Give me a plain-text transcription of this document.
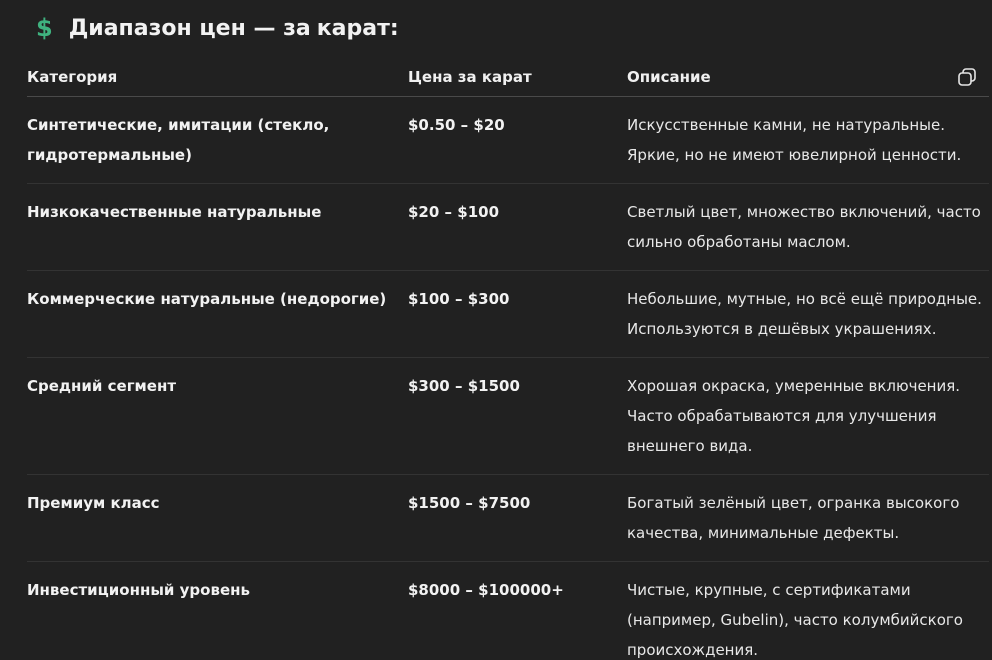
$ Диапазон цен — за карат:
Категория	Цена за карат	Описание
Синтетические, имитации (стекло,
гидротермальные)
$0.50 – $20	Искусственные камни, не натуральные.
Яркие, но не имеют ювелирной ценности.
Низкокачественные натуральные	$20 – $100	Светлый цвет, множество включений, часто
сильно обработаны маслом.
Коммерческие натуральные (недорогие) $100 – $300	Небольшие, мутные, но всё ещё природные.
Используются в дешёвых украшениях.
Средний сегмент	$300 – $1500	Хорошая окраска, умеренные включения.
Часто обрабатываются для улучшения
внешнего вида.
Премиум класс	$1500 – $7500	Богатый зелёный цвет, огранка высокого
качества, минимальные дефекты.
Инвестиционный уровень	$8000 – $100000+	Чистые, крупные, с сертификатами
(например, Gubelin), часто колумбийского
происхождения.
